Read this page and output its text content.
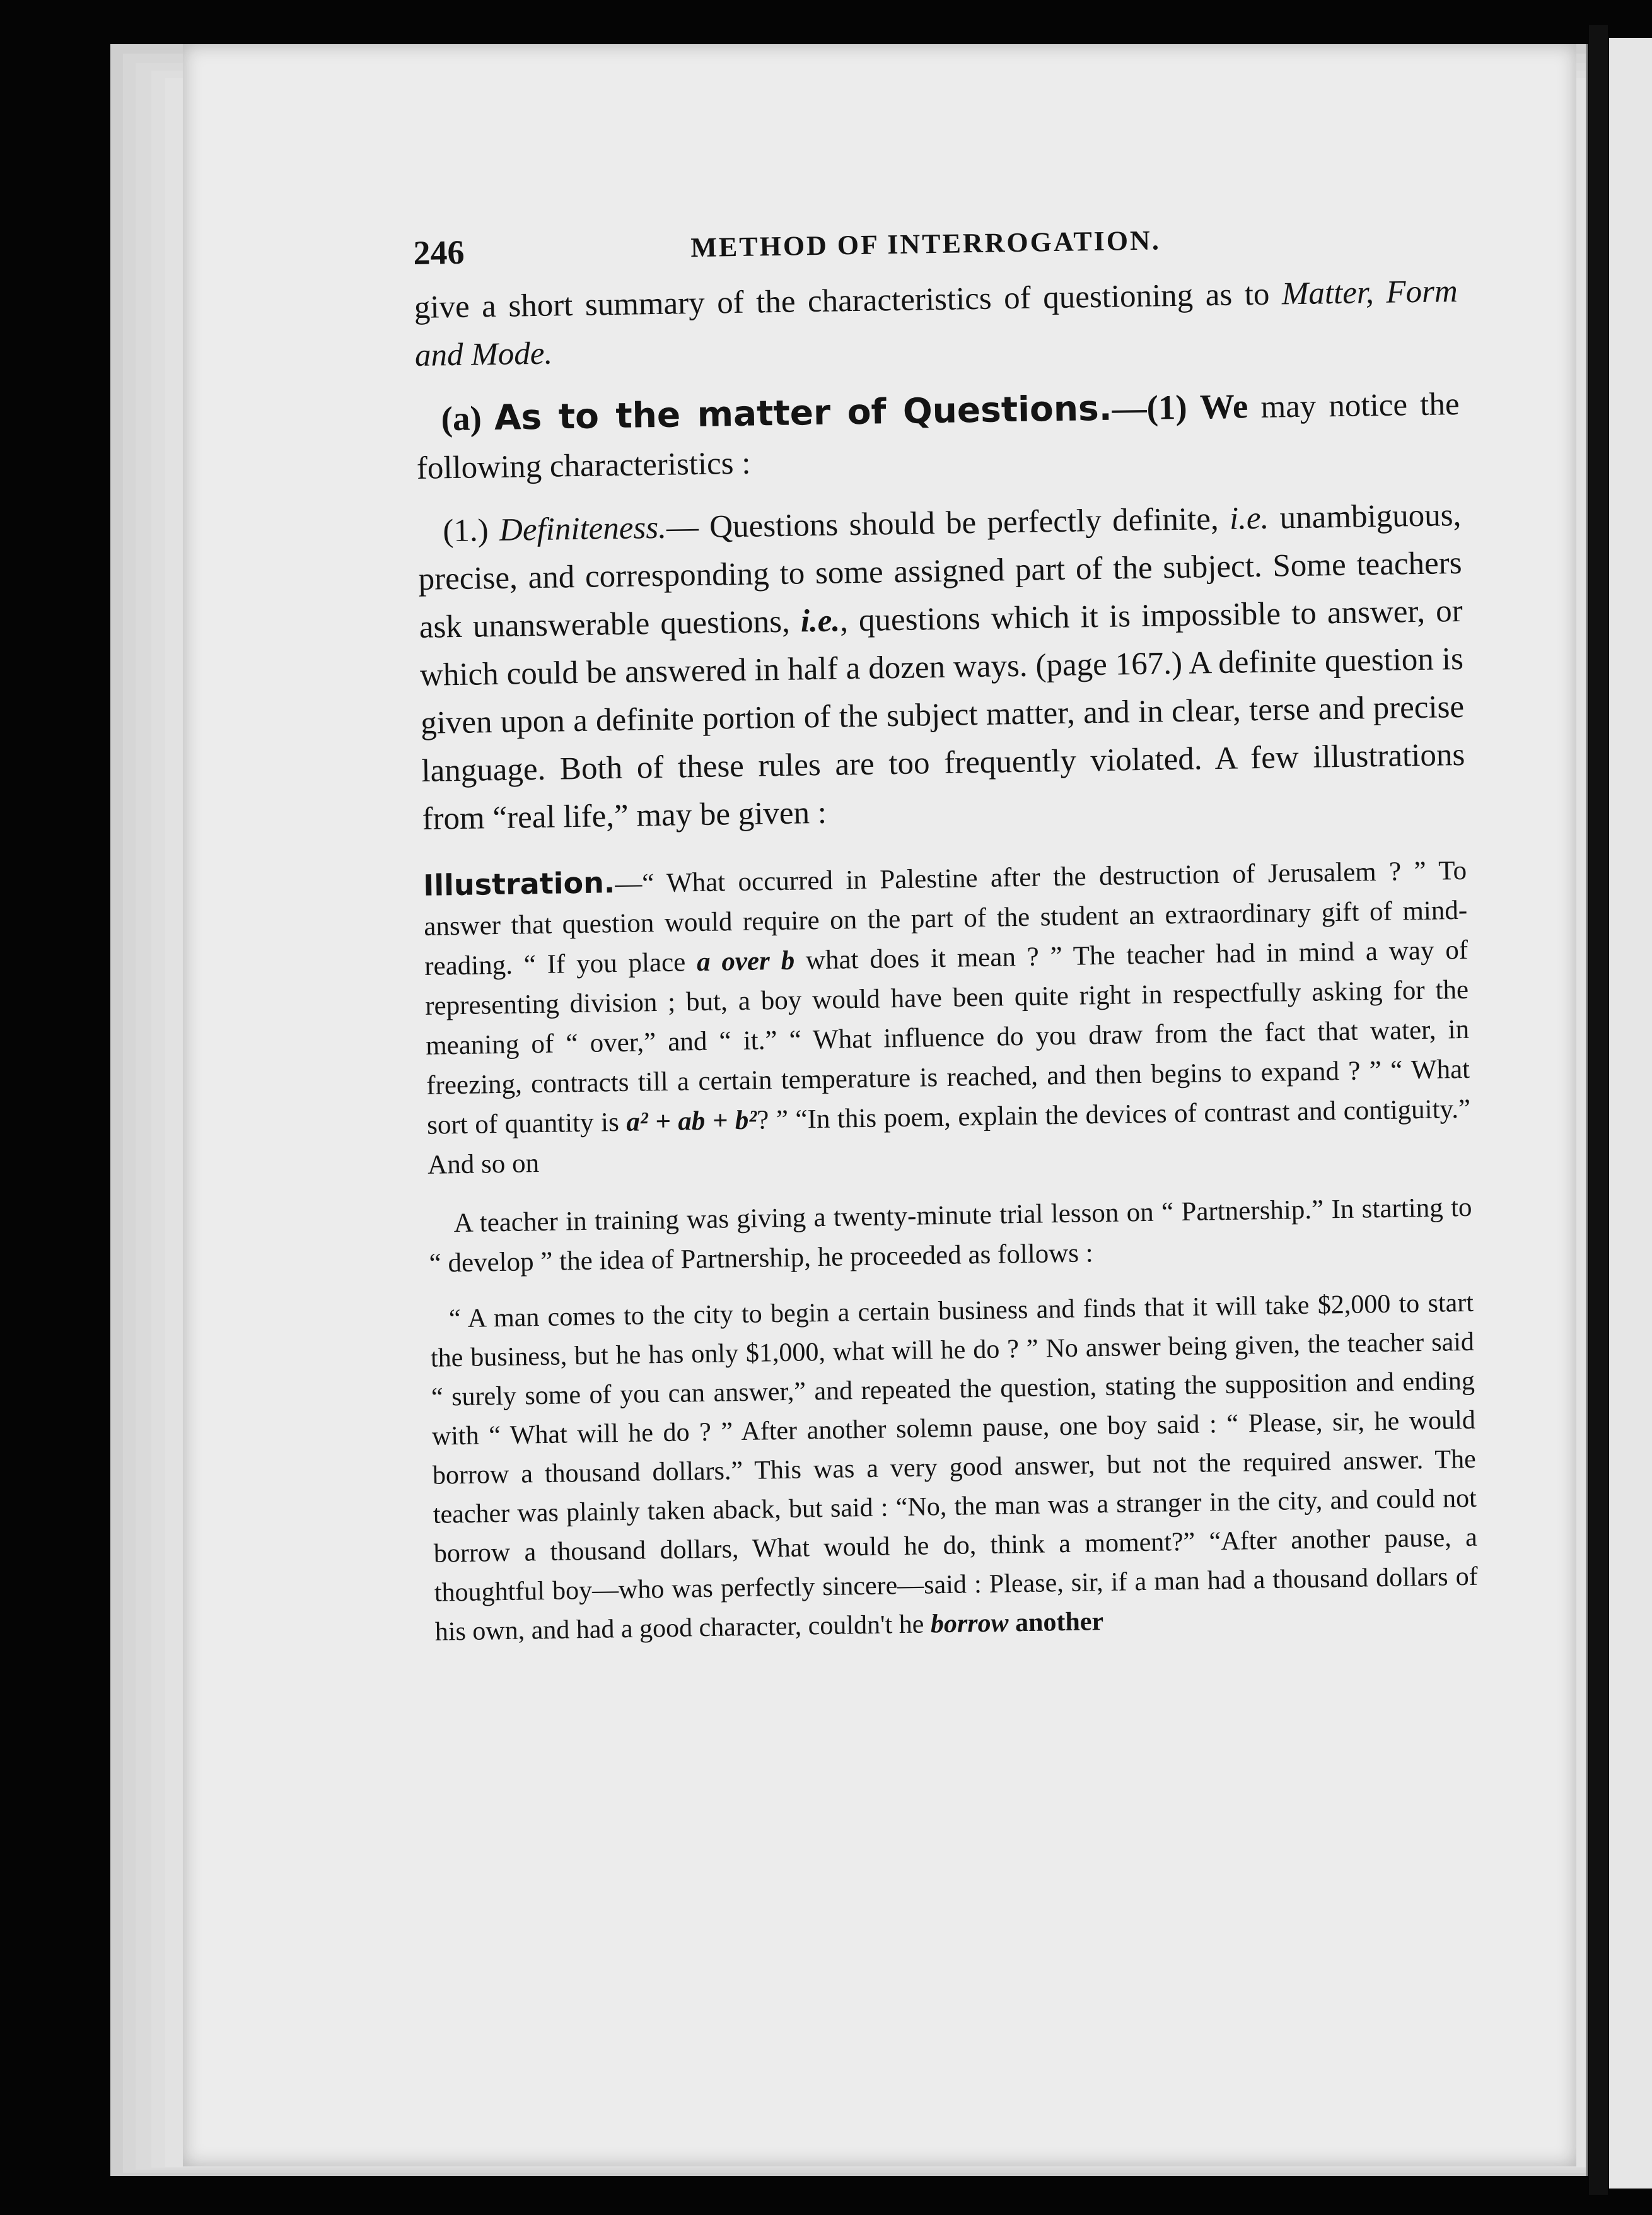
246	METHOD OF INTERROGATION.

give a short summary of the characteristics of questioning as to Matter, Form and Mode.

(a) As to the matter of Questions.—(1) We may notice the following characteristics :

(1.) Definiteness.— Questions should be perfectly definite, i.e. unambiguous, precise, and corresponding to some assigned part of the subject. Some teachers ask unanswerable questions, i.e., questions which it is impossible to answer, or which could be answered in half a dozen ways. (page 167.) A definite question is given upon a definite portion of the subject matter, and in clear, terse and precise language. Both of these rules are too frequently violated. A few illustrations from “real life,” may be given :

Illustration.—“ What occurred in Palestine after the destruction of Jerusalem ? ” To answer that question would require on the part of the student an extraordinary gift of mind-reading. “ If you place a over b what does it mean ? ” The teacher had in mind a way of representing division ; but, a boy would have been quite right in respectfully asking for the meaning of “ over,” and “ it.” “ What influence do you draw from the fact that water, in freezing, contracts till a certain temperature is reached, and then begins to expand ? ” “ What sort of quantity is a² + ab + b²? ” “In this poem, explain the devices of contrast and contiguity.” And so on

A teacher in training was giving a twenty-minute trial lesson on “ Partnership.” In starting to “ develop ” the idea of Partnership, he proceeded as follows :

“ A man comes to the city to begin a certain business and finds that it will take $2,000 to start the business, but he has only $1,000, what will he do ? ” No answer being given, the teacher said “ surely some of you can answer,” and repeated the question, stating the supposition and ending with “ What will he do ? ” After another solemn pause, one boy said : “ Please, sir, he would borrow a thousand dollars.” This was a very good answer, but not the required answer. The teacher was plainly taken aback, but said : “No, the man was a stranger in the city, and could not borrow a thousand dollars, What would he do, think a moment?” “After another pause, a thoughtful boy—who was perfectly sincere—said : Please, sir, if a man had a thousand dollars of his own, and had a good character, couldn't he borrow another
